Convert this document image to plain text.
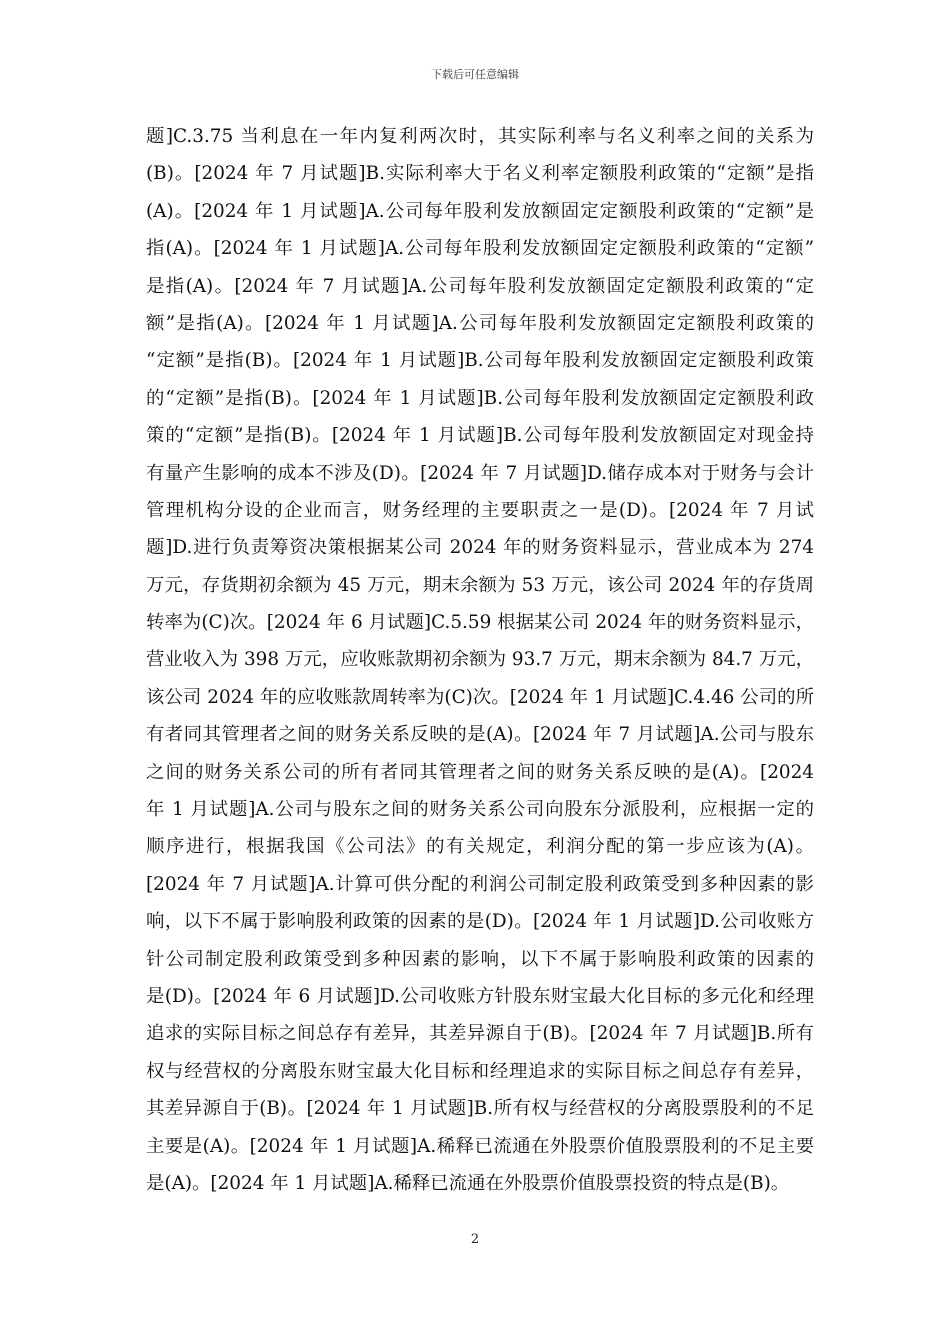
下载后可任意编辑
题]C.3.75 当利息在一年内复利两次时，其实际利率与名义利率之间的关系为
(B)。[2024 年 7 月试题]B.实际利率大于名义利率定额股利政策的“定额”是指
(A)。[2024 年 1 月试题]A.公司每年股利发放额固定定额股利政策的“定额”是
指(A)。[2024 年 1 月试题]A.公司每年股利发放额固定定额股利政策的“定额”
是指(A)。[2024 年 7 月试题]A.公司每年股利发放额固定定额股利政策的“定
额”是指(A)。[2024 年 1 月试题]A.公司每年股利发放额固定定额股利政策的
“定额”是指(B)。[2024 年 1 月试题]B.公司每年股利发放额固定定额股利政策
的“定额”是指(B)。[2024 年 1 月试题]B.公司每年股利发放额固定定额股利政
策的“定额”是指(B)。[2024 年 1 月试题]B.公司每年股利发放额固定对现金持
有量产生影响的成本不涉及(D)。[2024 年 7 月试题]D.储存成本对于财务与会计
管理机构分设的企业而言，财务经理的主要职责之一是(D)。[2024 年 7 月试
题]D.进行负责筹资决策根据某公司 2024 年的财务资料显示，营业成本为 274
万元，存货期初余额为 45 万元，期末余额为 53 万元，该公司 2024 年的存货周
转率为(C)次。[2024 年 6 月试题]C.5.59 根据某公司 2024 年的财务资料显示，
营业收入为 398 万元，应收账款期初余额为 93.7 万元，期末余额为 84.7 万元，
该公司 2024 年的应收账款周转率为(C)次。[2024 年 1 月试题]C.4.46 公司的所
有者同其管理者之间的财务关系反映的是(A)。[2024 年 7 月试题]A.公司与股东
之间的财务关系公司的所有者同其管理者之间的财务关系反映的是(A)。[2024
年 1 月试题]A.公司与股东之间的财务关系公司向股东分派股利，应根据一定的
顺序进行，根据我国《公司法》的有关规定，利润分配的第一步应该为(A)。
[2024 年 7 月试题]A.计算可供分配的利润公司制定股利政策受到多种因素的影
响，以下不属于影响股利政策的因素的是(D)。[2024 年 1 月试题]D.公司收账方
针公司制定股利政策受到多种因素的影响，以下不属于影响股利政策的因素的
是(D)。[2024 年 6 月试题]D.公司收账方针股东财宝最大化目标的多元化和经理
追求的实际目标之间总存有差异，其差异源自于(B)。[2024 年 7 月试题]B.所有
权与经营权的分离股东财宝最大化目标和经理追求的实际目标之间总存有差异，
其差异源自于(B)。[2024 年 1 月试题]B.所有权与经营权的分离股票股利的不足
主要是(A)。[2024 年 1 月试题]A.稀释已流通在外股票价值股票股利的不足主要
是(A)。[2024 年 1 月试题]A.稀释已流通在外股票价值股票投资的特点是(B)。
2
